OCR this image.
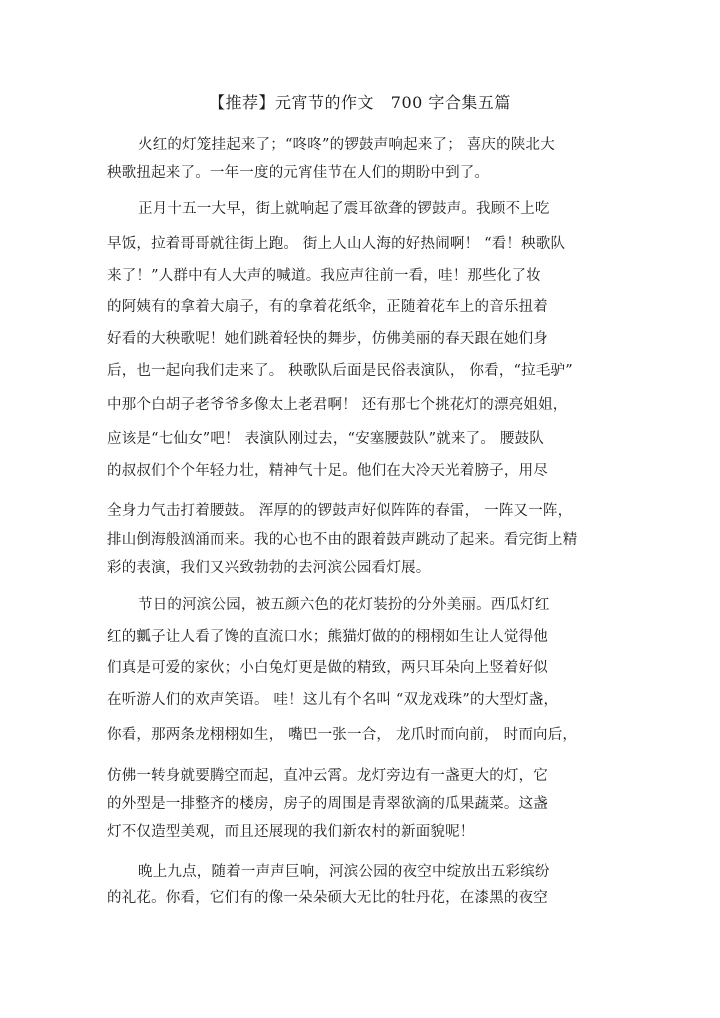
【推荐】元宵节的作文   700 字合集五篇
火红的灯笼挂起来了；“咚咚”的锣鼓声响起来了； 喜庆的陕北大
秧歌扭起来了。一年一度的元宵佳节在人们的期盼中到了。
正月十五一大早，街上就响起了震耳欲聋的锣鼓声。我顾不上吃
早饭，拉着哥哥就往街上跑。 街上人山人海的好热闹啊！ “看！秧歌队
来了！”人群中有人大声的喊道。我应声往前一看，哇！那些化了妆
的阿姨有的拿着大扇子，有的拿着花纸伞，正随着花车上的音乐扭着
好看的大秧歌呢！她们跳着轻快的舞步，仿佛美丽的春天跟在她们身
后，也一起向我们走来了。 秧歌队后面是民俗表演队， 你看，“拉毛驴”
中那个白胡子老爷爷多像太上老君啊！ 还有那七个挑花灯的漂亮姐姐，
应该是“七仙女”吧！ 表演队刚过去，“安塞腰鼓队”就来了。 腰鼓队
的叔叔们个个年轻力壮，精神气十足。他们在大冷天光着膀子，用尽
全身力气击打着腰鼓。 浑厚的的锣鼓声好似阵阵的春雷， 一阵又一阵，
排山倒海般汹涌而来。我的心也不由的跟着鼓声跳动了起来。看完街上精
彩的表演，我们又兴致勃勃的去河滨公园看灯展。
节日的河滨公园，被五颜六色的花灯装扮的分外美丽。西瓜灯红
红的瓤子让人看了馋的直流口水；熊猫灯做的的栩栩如生让人觉得他
们真是可爱的家伙；小白兔灯更是做的精致，两只耳朵向上竖着好似
在听游人们的欢声笑语。 哇！这儿有个名叫 “双龙戏珠”的大型灯盏，
你看，那两条龙栩栩如生， 嘴巴一张一合， 龙爪时而向前， 时而向后，
仿佛一转身就要腾空而起，直冲云霄。龙灯旁边有一盏更大的灯，它
的外型是一排整齐的楼房，房子的周围是青翠欲滴的瓜果蔬菜。这盏
灯不仅造型美观，而且还展现的我们新农村的新面貌呢！
晚上九点，随着一声声巨响，河滨公园的夜空中绽放出五彩缤纷
的礼花。你看，它们有的像一朵朵硕大无比的牡丹花，在漆黑的夜空
